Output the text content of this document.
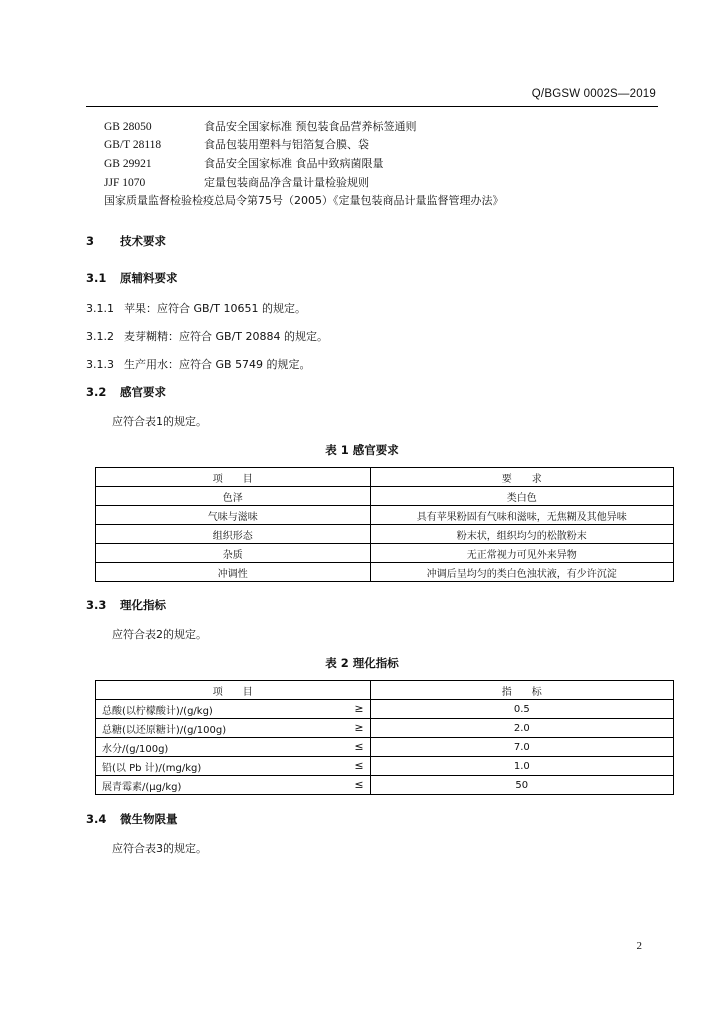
Q/BGSW 0002S—2019
GB 28050	食品安全国家标准 预包装食品营养标签通则
GB/T 28118	食品包装用塑料与铝箔复合膜、袋
GB 29921	食品安全国家标准 食品中致病菌限量
JJF 1070	定量包装商品净含量计量检验规则
国家质量监督检验检疫总局令第75号（2005）《定量包装商品计量监督管理办法》
3 技术要求
3.1 原辅料要求
3.1.1 苹果：应符合 GB/T 10651 的规定。
3.1.2 麦芽糊精：应符合 GB/T 20884 的规定。
3.1.3 生产用水：应符合 GB 5749 的规定。
3.2 感官要求
应符合表1的规定。
表 1 感官要求
项　　目	要　　求
色泽	类白色
气味与滋味	具有苹果粉固有气味和滋味，无焦糊及其他异味
组织形态	粉末状，组织均匀的松散粉末
杂质	无正常视力可见外来异物
冲调性	冲调后呈均匀的类白色浊状液，有少许沉淀
3.3 理化指标
应符合表2的规定。
表 2 理化指标
项　　目	指　　标
总酸(以柠檬酸计)/(g/kg) ≥	0.5
总糖(以还原糖计)/(g/100g) ≥	2.0
水分/(g/100g) ≤	7.0
铅(以 Pb 计)/(mg/kg) ≤	1.0
展青霉素/(μg/kg) ≤	50
3.4 微生物限量
应符合表3的规定。
2
